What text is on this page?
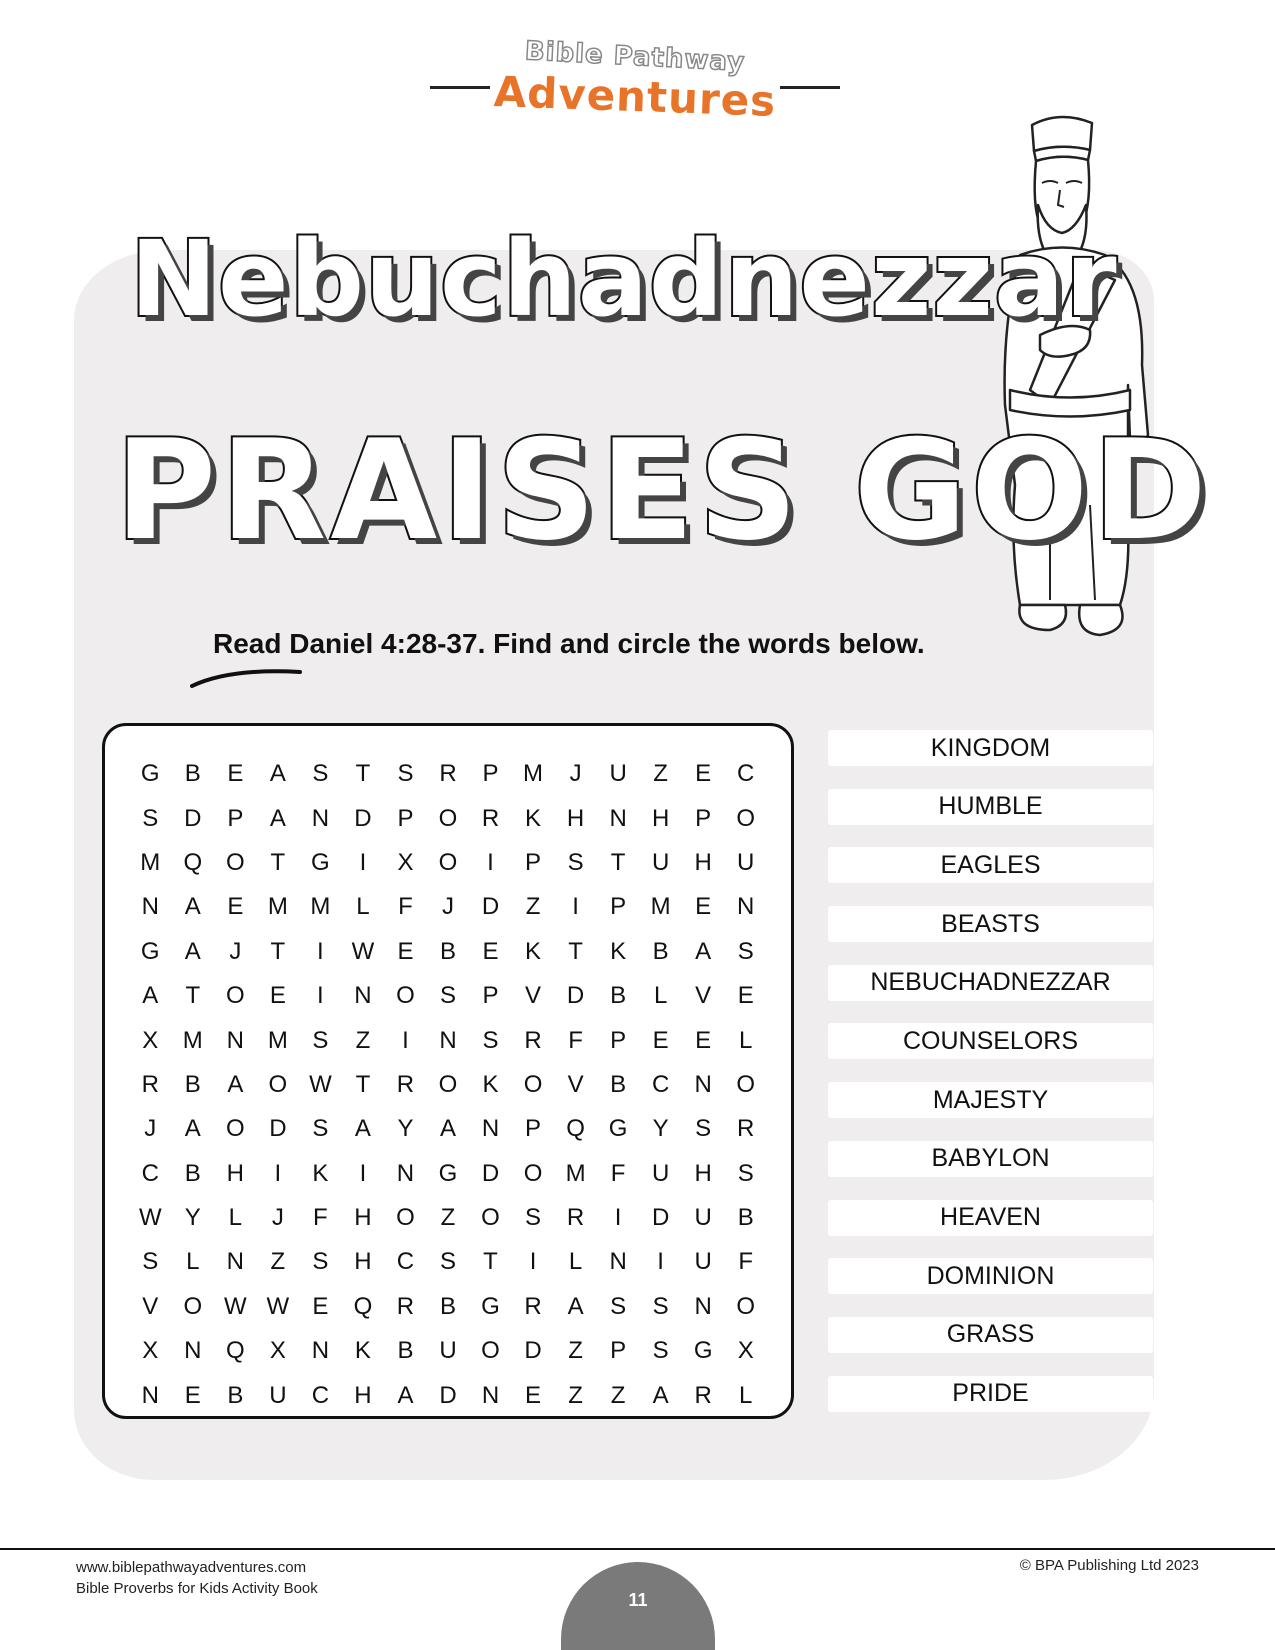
Bible Pathway
Adventures
Nebuchadnezzar
PRAISES GOD
Read Daniel 4:28-37. Find and circle the words below.
G	B	E	A	S	T	S	R	P	M	J	U	Z	E	C
S	D	P	A	N	D	P	O	R	K	H	N	H	P	O
M Q O	T	G	I	X	O	I	P	S	T	U	H	U
N	A	E	M M	L	F	J	D	Z	I	P	M	E	N
G	A	J	T	I	W E	B	E	K	T	K	B	A	S
A	T	O	E	I	N	O	S	P	V	D	B	L	V	E
X	M N M	S	Z	I	N	S	R	F	P	E	E	L
R	B	A	O W T	R	O	K	O	V	B	C	N	O
J	A	O	D	S	A	Y	A	N	P	Q G	Y	S	R
C	B	H	I	K	I	N	G	D	O M	F	U	H	S
W Y	L	J	F	H	O	Z	O	S	R	I	D	U	B
S	L	N	Z	S	H	C	S	T	I	L	N	I	U	F
V	O W W E	Q	R	B	G	R	A	S	S	N	O
X	N	Q	X	N	K	B	U	O	D	Z	P	S	G	X
N	E	B	U	C	H	A	D	N	E	Z	Z	A	R	L
KINGDOM
HUMBLE
EAGLES
BEASTS
NEBUCHADNEZZAR
COUNSELORS
MAJESTY
BABYLON
HEAVEN
DOMINION
GRASS
PRIDE
www.biblepathwayadventures.com
Bible Proverbs for Kids Activity Book
© BPA Publishing Ltd 2023
11
